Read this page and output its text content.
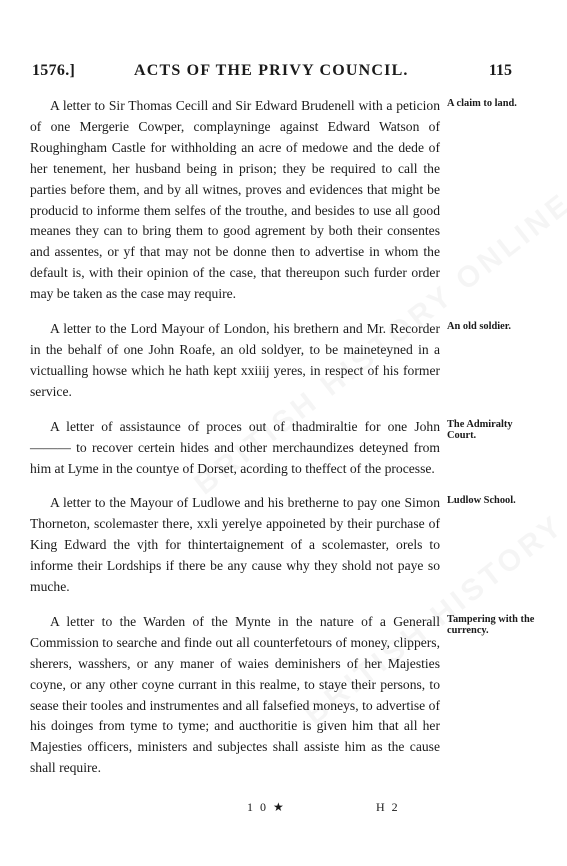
1576.]	ACTS OF THE PRIVY COUNCIL.	115

A letter to Sir Thomas Cecill and Sir Edward Brudenell with a peticion of one Mergerie Cowper, complayninge against Edward Watson of Roughingham Castle for withholding an acre of medowe and the dede of her tenement, her husband being in prison; they be required to call the parties before them, and by all witnes, proves and evidences that might be producid to informe them selfes of the trouthe, and besides to use all good meanes they can to bring them to good agrement by both their consentes and assentes, or yf that may not be donne then to advertise in whom the default is, with their opinion of the case, that thereupon such furder order may be taken as the case may require.

A claim to land.

A letter to the Lord Mayour of London, his brethern and Mr. Recorder in the behalf of one John Roafe, an old soldyer, to be maineteyned in a victualling howse which he hath kept xxiiij yeres, in respect of his former service.

An old soldier.

A letter of assistaunce of proces out of thadmiraltie for one John ——— to recover certein hides and other merchaundizes deteyned from him at Lyme in the countye of Dorset, acording to theffect of the processe.

The Admiralty Court.

A letter to the Mayour of Ludlowe and his bretherne to pay one Simon Thorneton, scolemaster there, xxli yerelye appoineted by their purchase of King Edward the vjth for thintertaignement of a scolemaster, orels to informe their Lordships if there be any cause why they shold not paye so muche.

Ludlow School.

A letter to the Warden of the Mynte in the nature of a Generall Commission to searche and finde out all counterfetours of money, clippers, sherers, wasshers, or any maner of waies deminishers of her Majesties coyne, or any other coyne currant in this realme, to staye their persons, to sease their tooles and instrumentes and all falsefied moneys, to advertise of his doinges from tyme to tyme; and aucthoritie is given him that all her Majesties officers, ministers and subjectes shall assiste him as the cause shall require.

Tampering with the currency.
1 0 ★	H 2
